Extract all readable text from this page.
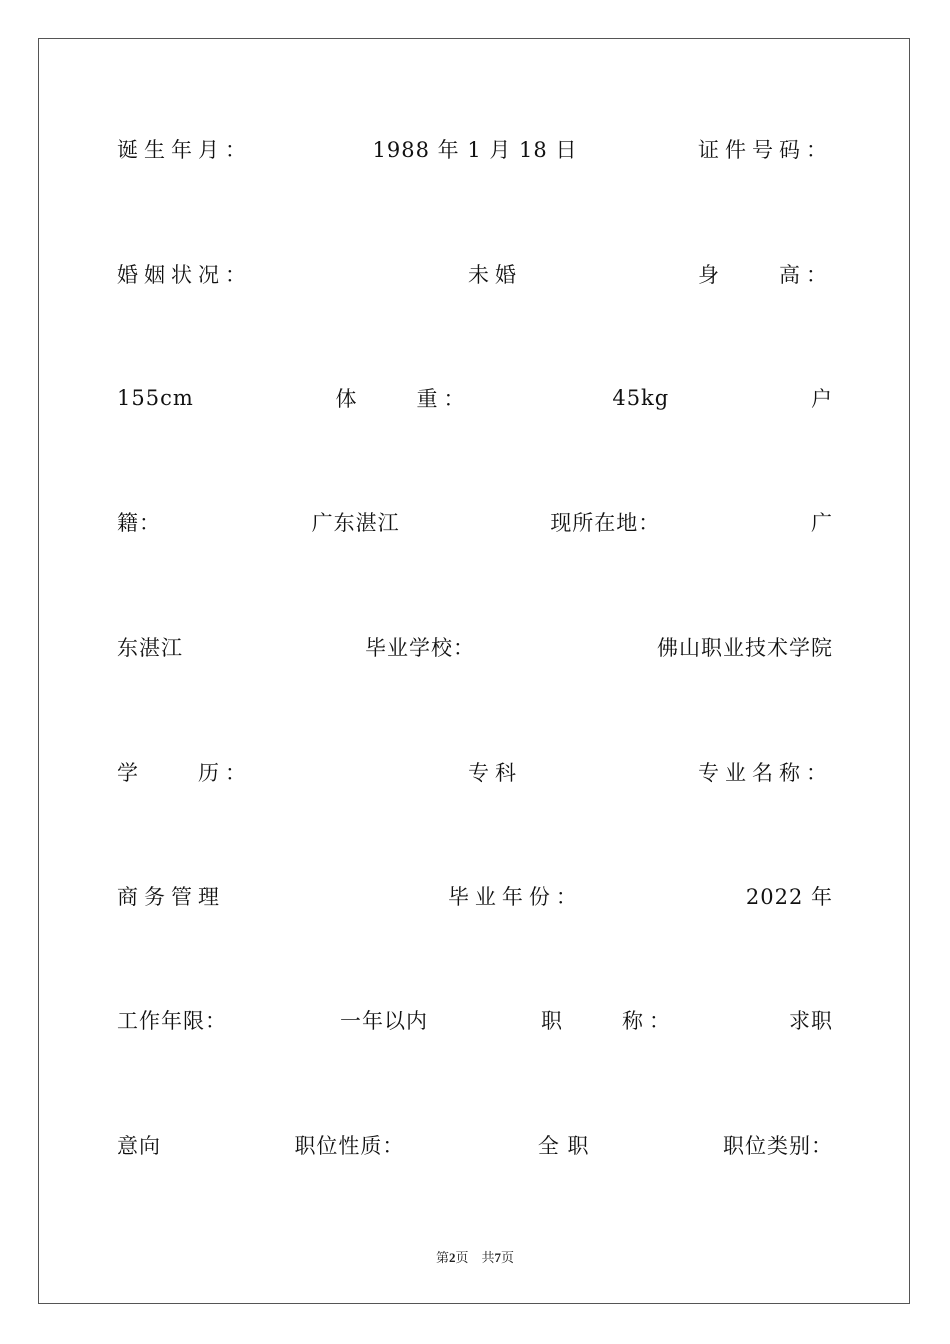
诞生年月：	1988 年 1 月 18 日	证件号码：
婚姻状况：	未婚	身　　高：
155cm	体　　重：	45kg	户
籍：	广东湛江	现所在地：	广
东湛江	毕业学校：	佛山职业技术学院
学　　历：	专科	专业名称：
商务管理	毕业年份：	2022 年
工作年限：	一年以内	职　　称：	求职
意向	职位性质：	全 职	职位类别：
第2页　共7页
